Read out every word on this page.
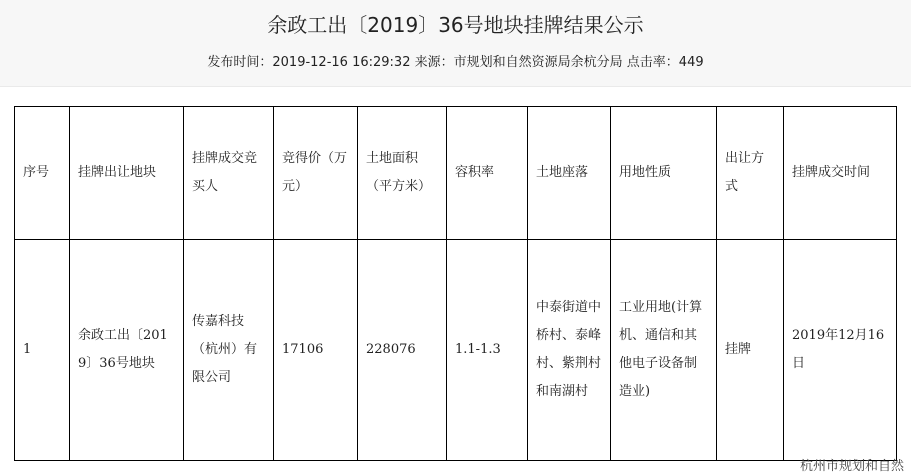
余政工出〔2019〕36号地块挂牌结果公示
发布时间：2019-12-16 16:29:32 来源：市规划和自然资源局余杭分局 点击率：449
序号	挂牌出让地块	挂牌成交竞买人	竞得价（万元）	土地面积（平方米）	容积率	土地座落	用地性质	出让方式	挂牌成交时间
1	余政工出〔2019〕36号地块	传嘉科技（杭州）有限公司	17106	228076	1.1-1.3	中泰街道中桥村、泰峰村、紫荆村和南湖村	工业用地(计算机、通信和其他电子设备制造业)	挂牌	2019年12月16日
杭州市规划和自然
